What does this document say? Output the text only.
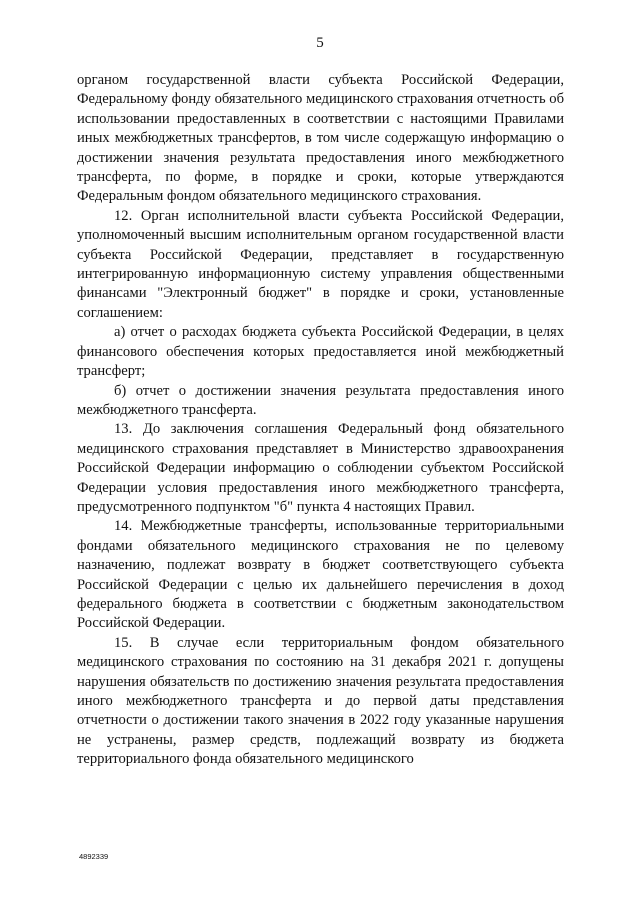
5

органом государственной власти субъекта Российской Федерации, Федеральному фонду обязательного медицинского страхования отчетность об использовании предоставленных в соответствии с настоящими Правилами иных межбюджетных трансфертов, в том числе содержащую информацию о достижении значения результата предоставления иного межбюджетного трансферта, по форме, в порядке и сроки, которые утверждаются Федеральным фондом обязательного медицинского страхования.

12. Орган исполнительной власти субъекта Российской Федерации, уполномоченный высшим исполнительным органом государственной власти субъекта Российской Федерации, представляет в государственную интегрированную информационную систему управления общественными финансами "Электронный бюджет" в порядке и сроки, установленные соглашением:

а) отчет о расходах бюджета субъекта Российской Федерации, в целях финансового обеспечения которых предоставляется иной межбюджетный трансферт;

б) отчет о достижении значения результата предоставления иного межбюджетного трансферта.

13. До заключения соглашения Федеральный фонд обязательного медицинского страхования представляет в Министерство здравоохранения Российской Федерации информацию о соблюдении субъектом Российской Федерации условия предоставления иного межбюджетного трансферта, предусмотренного подпунктом "б" пункта 4 настоящих Правил.

14. Межбюджетные трансферты, использованные территориальными фондами обязательного медицинского страхования не по целевому назначению, подлежат возврату в бюджет соответствующего субъекта Российской Федерации с целью их дальнейшего перечисления в доход федерального бюджета в соответствии с бюджетным законодательством Российской Федерации.

15. В случае если территориальным фондом обязательного медицинского страхования по состоянию на 31 декабря 2021 г. допущены нарушения обязательств по достижению значения результата предоставления иного межбюджетного трансферта и до первой даты представления отчетности о достижении такого значения в 2022 году указанные нарушения не устранены, размер средств, подлежащий возврату из бюджета территориального фонда обязательного медицинского

4892339
